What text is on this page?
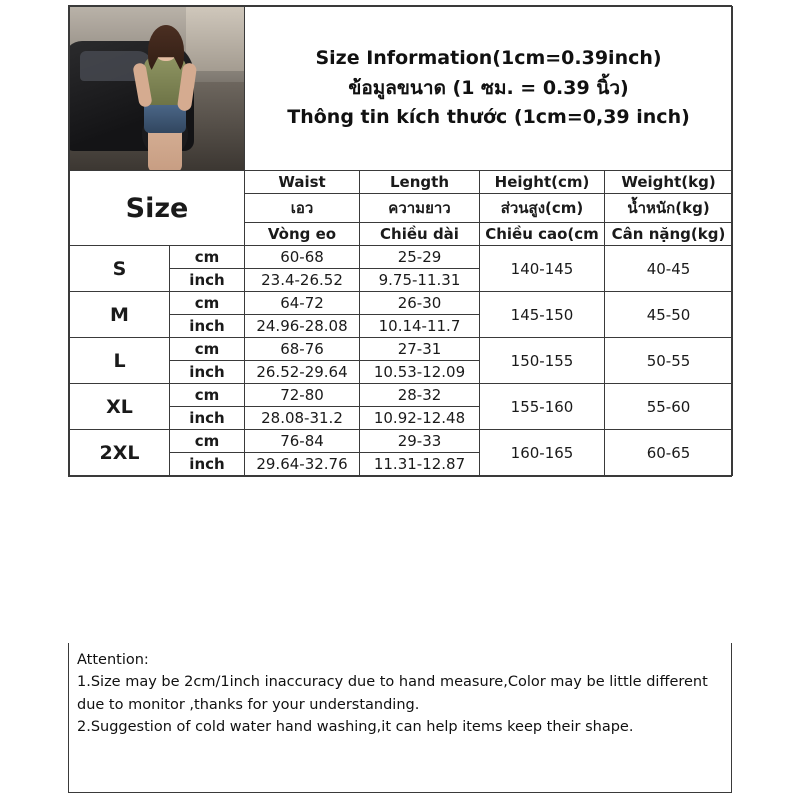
		Size Information(1cm=0.39inch)
ข้อมูลขนาด (1 ซม. = 0.39 นิ้ว)
Thông tin kích thước (1cm=0,39 inch)			

Size		Waist	Length	Height(cm)	Weight(kg)
		เอว	ความยาว	ส่วนสูง(cm)	น้ำหนัก(kg)
		Vòng eo	Chiều dài	Chiều cao(cm	Cân nặng(kg)
S	cm	60-68	25-29	140-145	40-45
	inch	23.4-26.52	9.75-11.31		
M	cm	64-72	26-30	145-150	45-50
	inch	24.96-28.08	10.14-11.7		
L	cm	68-76	27-31	150-155	50-55
	inch	26.52-29.64	10.53-12.09		
XL	cm	72-80	28-32	155-160	55-60
	inch	28.08-31.2	10.92-12.48		
2XL	cm	76-84	29-33	160-165	60-65
	inch	29.64-32.76	11.31-12.87		

Attention:

1.Size may be 2cm/1inch inaccuracy due to hand measure,Color may be little different due to monitor ,thanks for your understanding.

2.Suggestion of cold water hand washing,it can help items keep their shape.
